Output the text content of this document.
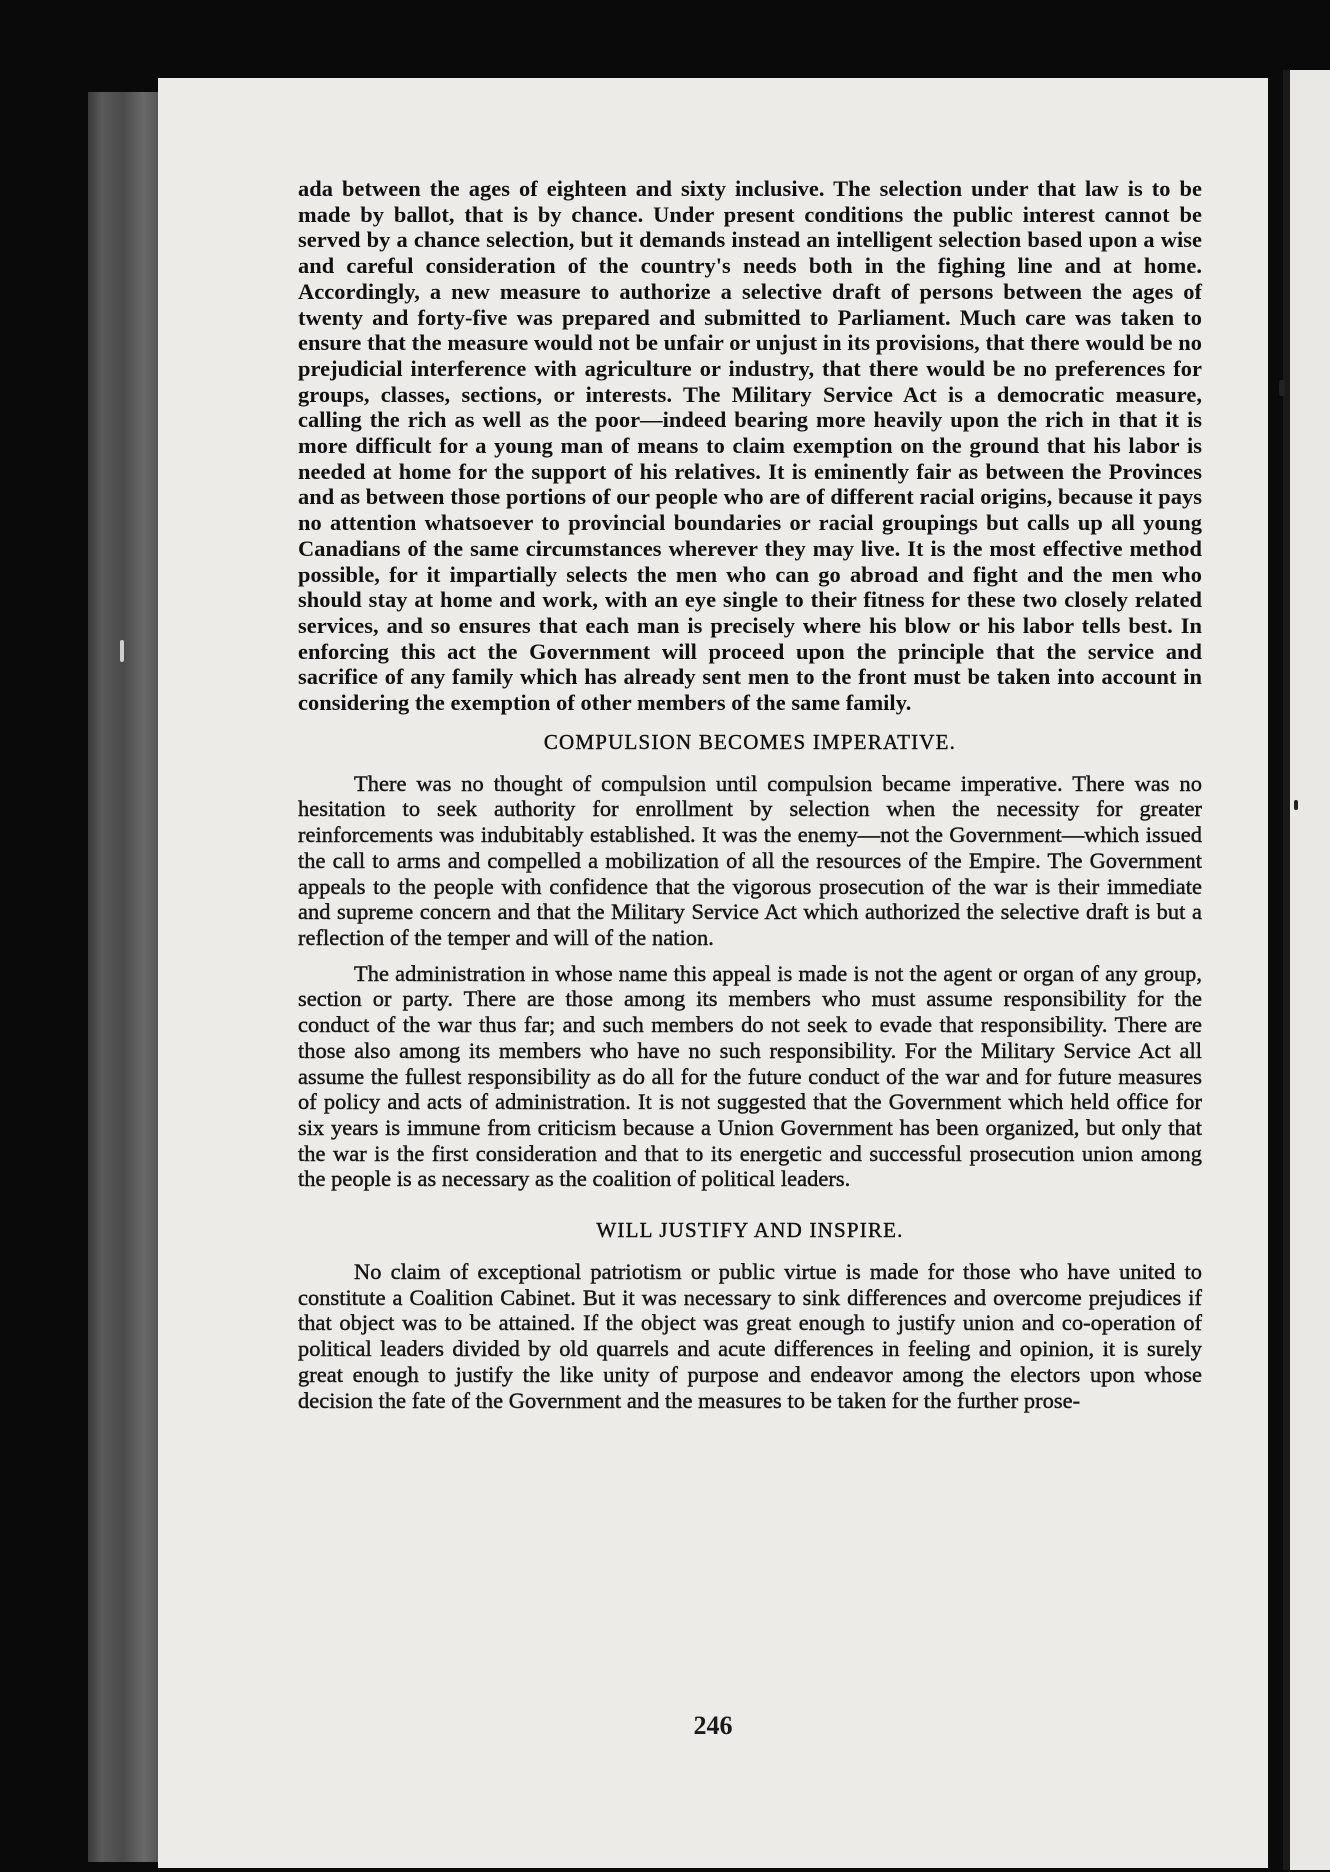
ada between the ages of eighteen and sixty inclusive. The selection under that law is to be made by ballot, that is by chance. Under present conditions the public interest cannot be served by a chance selection, but it demands instead an intelligent selection based upon a wise and careful consideration of the country's needs both in the fighing line and at home. Accordingly, a new measure to authorize a selective draft of persons between the ages of twenty and forty-five was prepared and submitted to Parliament. Much care was taken to ensure that the measure would not be unfair or unjust in its provisions, that there would be no prejudicial interference with agriculture or industry, that there would be no preferences for groups, classes, sections, or interests. The Military Service Act is a democratic measure, calling the rich as well as the poor—indeed bearing more heavily upon the rich in that it is more difficult for a young man of means to claim exemption on the ground that his labor is needed at home for the support of his relatives. It is eminently fair as between the Provinces and as between those portions of our people who are of different racial origins, because it pays no attention whatsoever to provincial boundaries or racial groupings but calls up all young Canadians of the same circumstances wherever they may live. It is the most effective method possible, for it impartially selects the men who can go abroad and fight and the men who should stay at home and work, with an eye single to their fitness for these two closely related services, and so ensures that each man is precisely where his blow or his labor tells best. In enforcing this act the Government will proceed upon the principle that the service and sacrifice of any family which has already sent men to the front must be taken into account in considering the exemption of other members of the same family.

COMPULSION BECOMES IMPERATIVE.

There was no thought of compulsion until compulsion became imperative. There was no hesitation to seek authority for enrollment by selection when the necessity for greater reinforcements was indubitably established. It was the enemy—not the Government—which issued the call to arms and compelled a mobilization of all the resources of the Empire. The Government appeals to the people with confidence that the vigorous prosecution of the war is their immediate and supreme concern and that the Military Service Act which authorized the selective draft is but a reflection of the temper and will of the nation.

The administration in whose name this appeal is made is not the agent or organ of any group, section or party. There are those among its members who must assume responsibility for the conduct of the war thus far; and such members do not seek to evade that responsibility. There are those also among its members who have no such responsibility. For the Military Service Act all assume the fullest responsibility as do all for the future conduct of the war and for future measures of policy and acts of administration. It is not suggested that the Government which held office for six years is immune from criticism because a Union Government has been organized, but only that the war is the first consideration and that to its energetic and successful prosecution union among the people is as necessary as the coalition of political leaders.

WILL JUSTIFY AND INSPIRE.

No claim of exceptional patriotism or public virtue is made for those who have united to constitute a Coalition Cabinet. But it was necessary to sink differences and overcome prejudices if that object was to be attained. If the object was great enough to justify union and co-operation of political leaders divided by old quarrels and acute differences in feeling and opinion, it is surely great enough to justify the like unity of purpose and endeavor among the electors upon whose decision the fate of the Government and the measures to be taken for the further prose-

246
